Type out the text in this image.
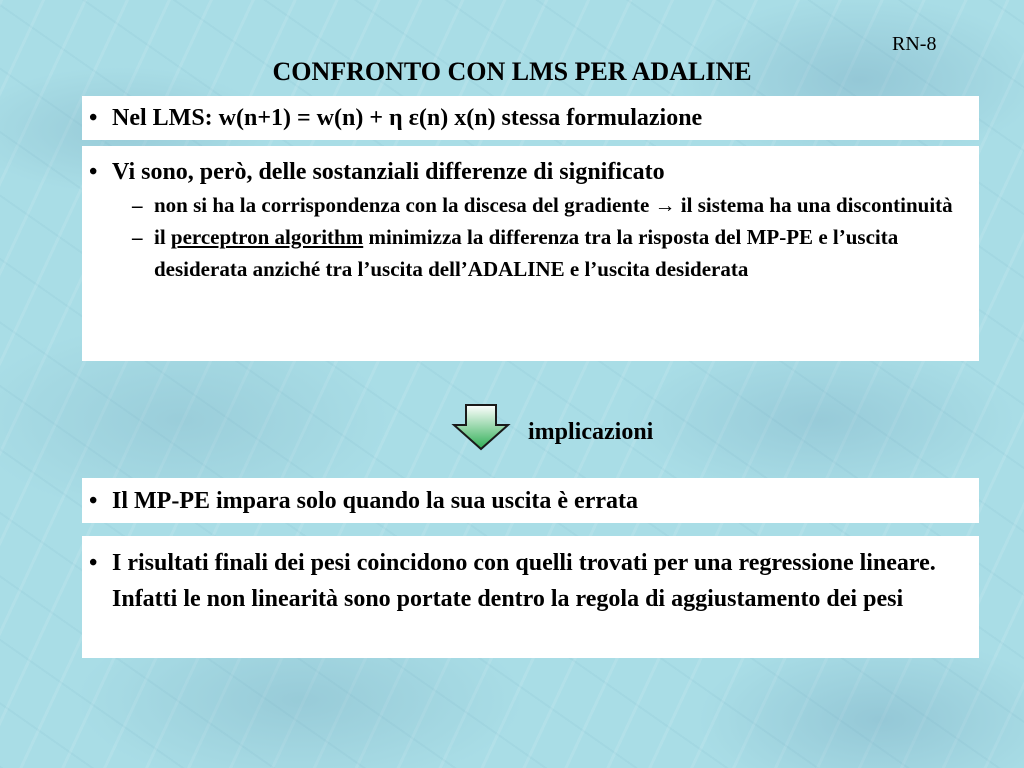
RN-8
CONFRONTO CON LMS PER ADALINE
• Nel LMS: w(n+1) = w(n) + η ε(n) x(n) stessa formulazione
• Vi sono, però, delle sostanziali differenze di significato
– non si ha la corrispondenza con la discesa del gradiente → il sistema ha una discontinuità
– il perceptron algorithm minimizza la differenza tra la risposta del MP-PE e l’uscita desiderata anziché tra l’uscita dell’ADALINE e l’uscita desiderata
implicazioni
• Il MP-PE impara solo quando la sua uscita è errata
• I risultati finali dei pesi coincidono con quelli trovati per una regressione lineare. Infatti le non linearità sono portate dentro la regola di aggiustamento dei pesi
